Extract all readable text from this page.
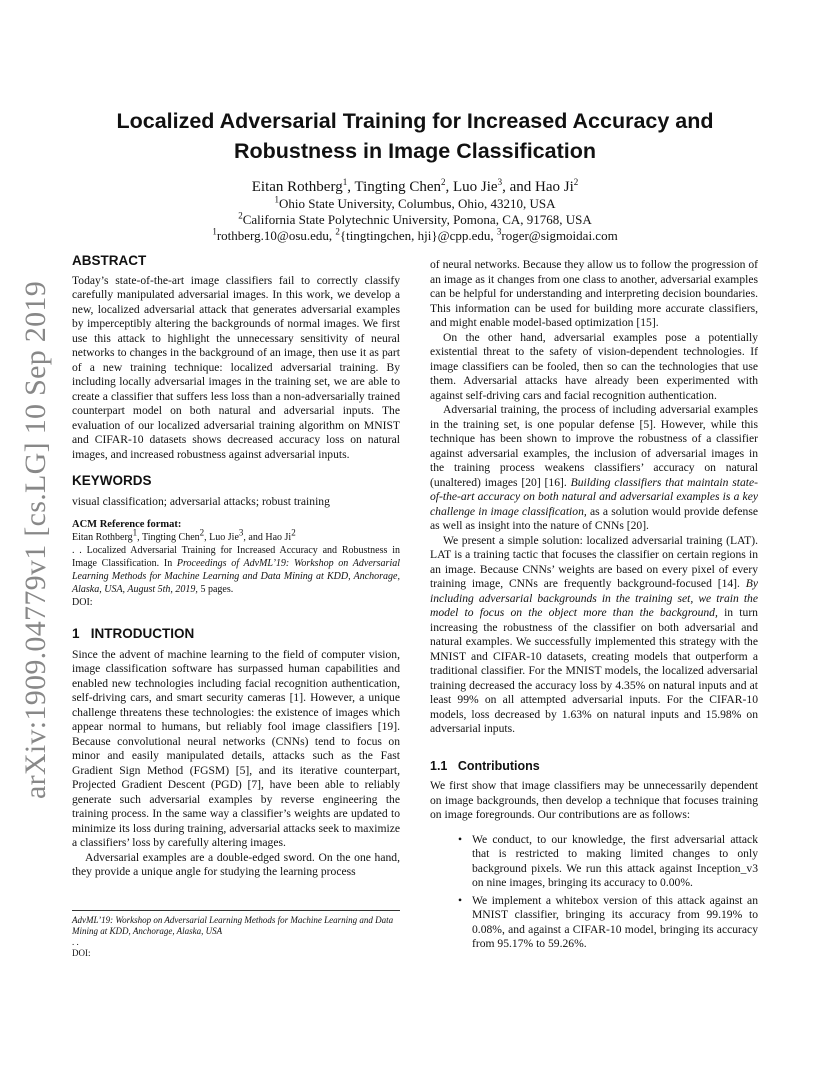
arXiv:1909.04779v1 [cs.LG] 10 Sep 2019
Localized Adversarial Training for Increased Accuracy and Robustness in Image Classification
Eitan Rothberg$^1$, Tingting Chen$^2$, Luo Jie$^3$, and Hao Ji$^2$
$^1$Ohio State University, Columbus, Ohio, 43210, USA
$^2$California State Polytechnic University, Pomona, CA, 91768, USA
$^1$rothberg.10@osu.edu, $^2${tingtingchen, hji}@cpp.edu, $^3$roger@sigmoidai.com
ABSTRACT

Today’s state-of-the-art image classifiers fail to correctly classify carefully manipulated adversarial images. In this work, we develop a new, localized adversarial attack that generates adversarial examples by imperceptibly altering the backgrounds of normal images. We first use this attack to highlight the unnecessary sensitivity of neural networks to changes in the background of an image, then use it as part of a new training technique: localized adversarial training. By including locally adversarial images in the training set, we are able to create a classifier that suffers less loss than a non-adversarially trained counterpart model on both natural and adversarial inputs. The evaluation of our localized adversarial training algorithm on MNIST and CIFAR-10 datasets shows decreased accuracy loss on natural images, and increased robustness against adversarial inputs.

KEYWORDS

visual classification; adversarial attacks; robust training

ACM Reference format:
Eitan Rothberg$^1$, Tingting Chen$^2$, Luo Jie$^3$, and Hao Ji$^2$
. . Localized Adversarial Training for Increased Accuracy and Robustness in Image Classification. In Proceedings of AdvML’19: Workshop on Adversarial Learning Methods for Machine Learning and Data Mining at KDD, Anchorage, Alaska, USA, August 5th, 2019, 5 pages.
DOI:
1 INTRODUCTION

Since the advent of machine learning to the field of computer vision, image classification software has surpassed human capabilities and enabled new technologies including facial recognition authentication, self-driving cars, and smart security cameras [1]. However, a unique challenge threatens these technologies: the existence of images which appear normal to humans, but reliably fool image classifiers [19]. Because convolutional neural networks (CNNs) tend to focus on minor and easily manipulated details, attacks such as the Fast Gradient Sign Method (FGSM) [5], and its iterative counterpart, Projected Gradient Descent (PGD) [7], have been able to reliably generate such adversarial examples by reverse engineering the training process. In the same way a classifier’s weights are updated to minimize its loss during training, adversarial attacks seek to maximize a classifiers’ loss by carefully altering images.

Adversarial examples are a double-edged sword. On the one hand, they provide a unique angle for studying the learning process

AdvML’19: Workshop on Adversarial Learning Methods for Machine Learning and Data Mining at KDD, Anchorage, Alaska, USA
. .
DOI:

of neural networks. Because they allow us to follow the progression of an image as it changes from one class to another, adversarial examples can be helpful for understanding and interpreting decision boundaries. This information can be used for building more accurate classifiers, and might enable model-based optimization [15].

On the other hand, adversarial examples pose a potentially existential threat to the safety of vision-dependent technologies. If image classifiers can be fooled, then so can the technologies that use them. Adversarial attacks have already been experimented with against self-driving cars and facial recognition authentication.

Adversarial training, the process of including adversarial examples in the training set, is one popular defense [5]. However, while this technique has been shown to improve the robustness of a classifier against adversarial examples, the inclusion of adversarial images in the training process weakens classifiers’ accuracy on natural (unaltered) images [20] [16]. Building classifiers that maintain state-of-the-art accuracy on both natural and adversarial examples is a key challenge in image classification, as a solution would provide defense as well as insight into the nature of CNNs [20].

We present a simple solution: localized adversarial training (LAT). LAT is a training tactic that focuses the classifier on certain regions in an image. Because CNNs’ weights are based on every pixel of every training image, CNNs are frequently background-focused [14]. By including adversarial backgrounds in the training set, we train the model to focus on the object more than the background, in turn increasing the robustness of the classifier on both adversarial and natural examples. We successfully implemented this strategy with the MNIST and CIFAR-10 datasets, creating models that outperform a traditional classifier. For the MNIST models, the localized adversarial training decreased the accuracy loss by 4.35% on natural inputs and at least 99% on all attempted adversarial inputs. For the CIFAR-10 models, loss decreased by 1.63% on natural inputs and 15.98% on adversarial inputs.

1.1 Contributions

We first show that image classifiers may be unnecessarily dependent on image backgrounds, then develop a technique that focuses training on image foregrounds. Our contributions are as follows:

• We conduct, to our knowledge, the first adversarial attack that is restricted to making limited changes to only background pixels. We run this attack against Inception_v3 on nine images, bringing its accuracy to 0.00%.
• We implement a whitebox version of this attack against an MNIST classifier, bringing its accuracy from 99.19% to 0.08%, and against a CIFAR-10 model, bringing its accuracy from 95.17% to 59.26%.
